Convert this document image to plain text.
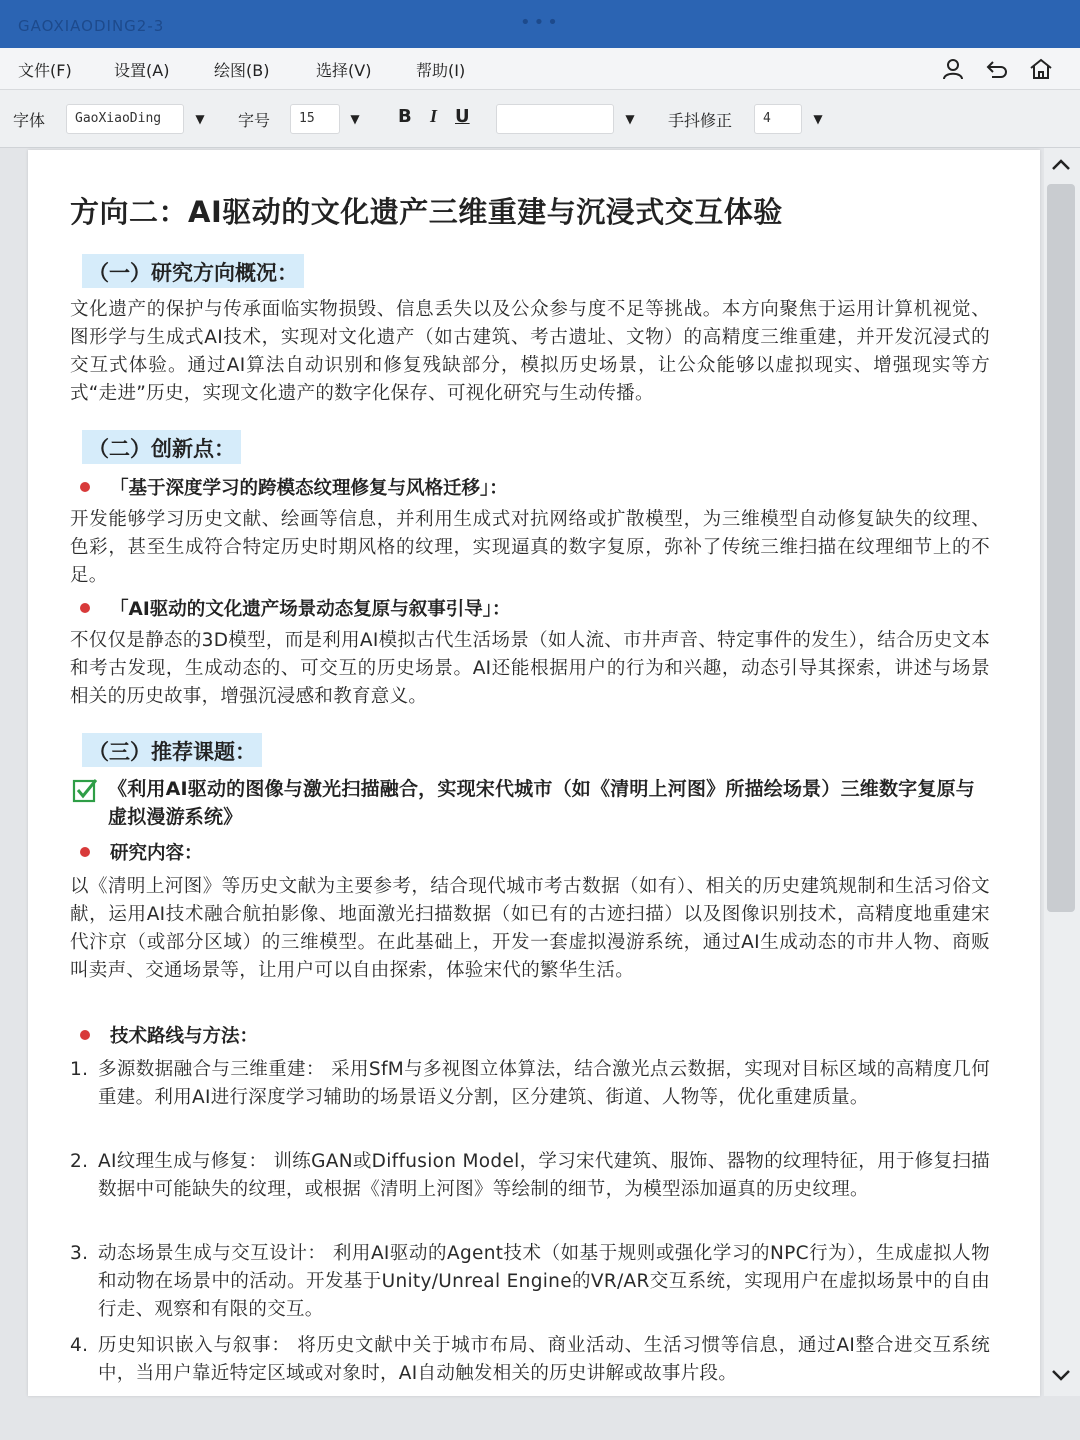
GAOXIAODING2-3	•••
文件(F)	设置(A)	绘图(B)	选择(V)	帮助(I)
字体	GaoXiaoDing	▼	字号	15	▼	B I U	▼	手抖修正	4	▼
方向二：AI驱动的文化遗产三维重建与沉浸式交互体验
（一）研究方向概况：
文化遗产的保护与传承面临实物损毁、信息丢失以及公众参与度不足等挑战。本方向聚焦于运用计算机视觉、图形学与生成式AI技术，实现对文化遗产（如古建筑、考古遗址、文物）的高精度三维重建，并开发沉浸式的交互式体验。通过AI算法自动识别和修复残缺部分，模拟历史场景，让公众能够以虚拟现实、增强现实等方式“走进”历史，实现文化遗产的数字化保存、可视化研究与生动传播。
（二）创新点：
「基于深度学习的跨模态纹理修复与风格迁移」：
开发能够学习历史文献、绘画等信息，并利用生成式对抗网络或扩散模型，为三维模型自动修复缺失的纹理、色彩，甚至生成符合特定历史时期风格的纹理，实现逼真的数字复原，弥补了传统三维扫描在纹理细节上的不足。
「AI驱动的文化遗产场景动态复原与叙事引导」：
不仅仅是静态的3D模型，而是利用AI模拟古代生活场景（如人流、市井声音、特定事件的发生），结合历史文本和考古发现，生成动态的、可交互的历史场景。AI还能根据用户的行为和兴趣，动态引导其探索，讲述与场景相关的历史故事，增强沉浸感和教育意义。
（三）推荐课题：
《利用AI驱动的图像与激光扫描融合，实现宋代城市（如《清明上河图》所描绘场景）三维数字复原与虚拟漫游系统》
研究内容：
以《清明上河图》等历史文献为主要参考，结合现代城市考古数据（如有）、相关的历史建筑规制和生活习俗文献，运用AI技术融合航拍影像、地面激光扫描数据（如已有的古迹扫描）以及图像识别技术，高精度地重建宋代汴京（或部分区域）的三维模型。在此基础上，开发一套虚拟漫游系统，通过AI生成动态的市井人物、商贩叫卖声、交通场景等，让用户可以自由探索，体验宋代的繁华生活。
技术路线与方法：
1. 多源数据融合与三维重建： 采用SfM与多视图立体算法，结合激光点云数据，实现对目标区域的高精度几何重建。利用AI进行深度学习辅助的场景语义分割，区分建筑、街道、人物等，优化重建质量。
2. AI纹理生成与修复： 训练GAN或Diffusion Model，学习宋代建筑、服饰、器物的纹理特征，用于修复扫描数据中可能缺失的纹理，或根据《清明上河图》等绘制的细节，为模型添加逼真的历史纹理。
3. 动态场景生成与交互设计： 利用AI驱动的Agent技术（如基于规则或强化学习的NPC行为），生成虚拟人物和动物在场景中的活动。开发基于Unity/Unreal Engine的VR/AR交互系统，实现用户在虚拟场景中的自由行走、观察和有限的交互。
4. 历史知识嵌入与叙事： 将历史文献中关于城市布局、商业活动、生活习惯等信息，通过AI整合进交互系统中，当用户靠近特定区域或对象时，AI自动触发相关的历史讲解或故事片段。
